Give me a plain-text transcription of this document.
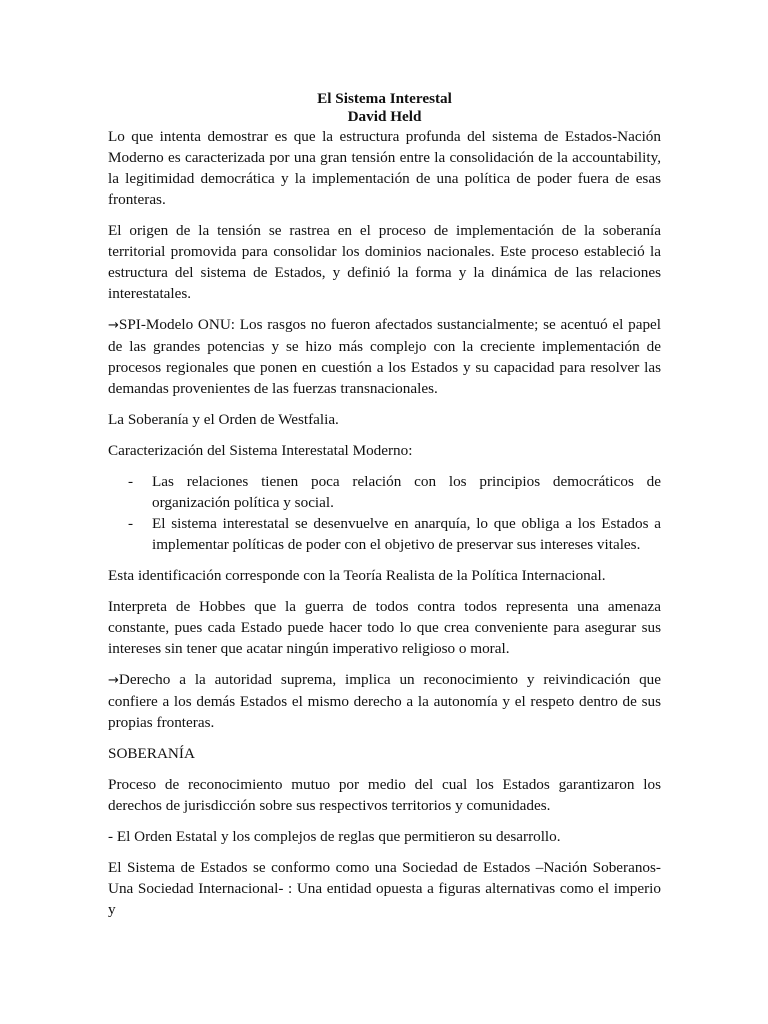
El Sistema Interestal
David Held

Lo que intenta demostrar es que la estructura profunda del sistema de Estados-Nación Moderno es caracterizada por una gran tensión entre la consolidación de la accountability, la legitimidad democrática y la implementación de una política de poder fuera de esas fronteras.

El origen de la tensión se rastrea en el proceso de implementación de la soberanía territorial promovida para consolidar los dominios nacionales. Este proceso estableció la estructura del sistema de Estados, y definió la forma y la dinámica de las relaciones interestatales.

→SPI-Modelo ONU: Los rasgos no fueron afectados sustancialmente; se acentuó el papel de las grandes potencias y se hizo más complejo con la creciente implementación de procesos regionales que ponen en cuestión a los Estados y su capacidad para resolver las demandas provenientes de las fuerzas transnacionales.

La Soberanía y el Orden de Westfalia.

Caracterización del Sistema Interestatal Moderno:

- Las relaciones tienen poca relación con los principios democráticos de organización política y social.
- El sistema interestatal se desenvuelve en anarquía, lo que obliga a los Estados a implementar políticas de poder con el objetivo de preservar sus intereses vitales.

Esta identificación corresponde con la Teoría Realista de la Política Internacional.

Interpreta de Hobbes que la guerra de todos contra todos representa una amenaza constante, pues cada Estado puede hacer todo lo que crea conveniente para asegurar sus intereses sin tener que acatar ningún imperativo religioso o moral.

→Derecho a la autoridad suprema, implica un reconocimiento y reivindicación que confiere a los demás Estados el mismo derecho a la autonomía y el respeto dentro de sus propias fronteras.

SOBERANÍA

Proceso de reconocimiento mutuo por medio del cual los Estados garantizaron los derechos de jurisdicción sobre sus respectivos territorios y comunidades.

- El Orden Estatal y los complejos de reglas que permitieron su desarrollo.

El Sistema de Estados se conformo como una Sociedad de Estados –Nación Soberanos- Una Sociedad Internacional- : Una entidad opuesta a figuras alternativas como el imperio y
